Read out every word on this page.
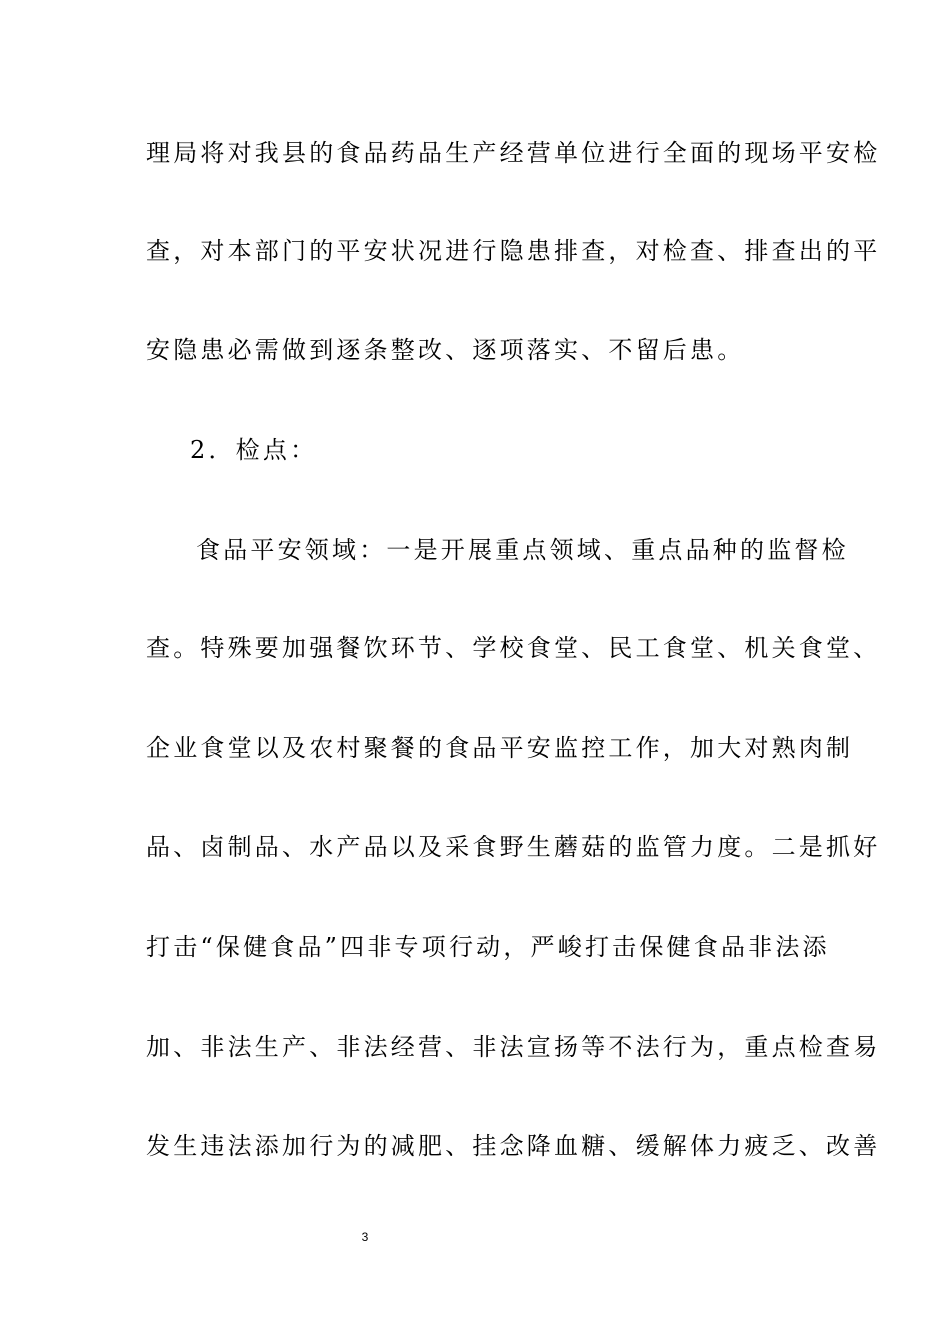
理局将对我县的食品药品生产经营单位进行全面的现场平安检
查，对本部门的平安状况进行隐患排查，对检查、排查出的平
安隐患必需做到逐条整改、逐项落实、不留后患。
2．检点：
食品平安领域：一是开展重点领域、重点品种的监督检
查。特殊要加强餐饮环节、学校食堂、民工食堂、机关食堂、
企业食堂以及农村聚餐的食品平安监控工作，加大对熟肉制
品、卤制品、水产品以及采食野生蘑菇的监管力度。二是抓好
打击“保健食品”四非专项行动，严峻打击保健食品非法添
加、非法生产、非法经营、非法宣扬等不法行为，重点检查易
发生违法添加行为的减肥、挂念降血糖、缓解体力疲乏、改善
3
